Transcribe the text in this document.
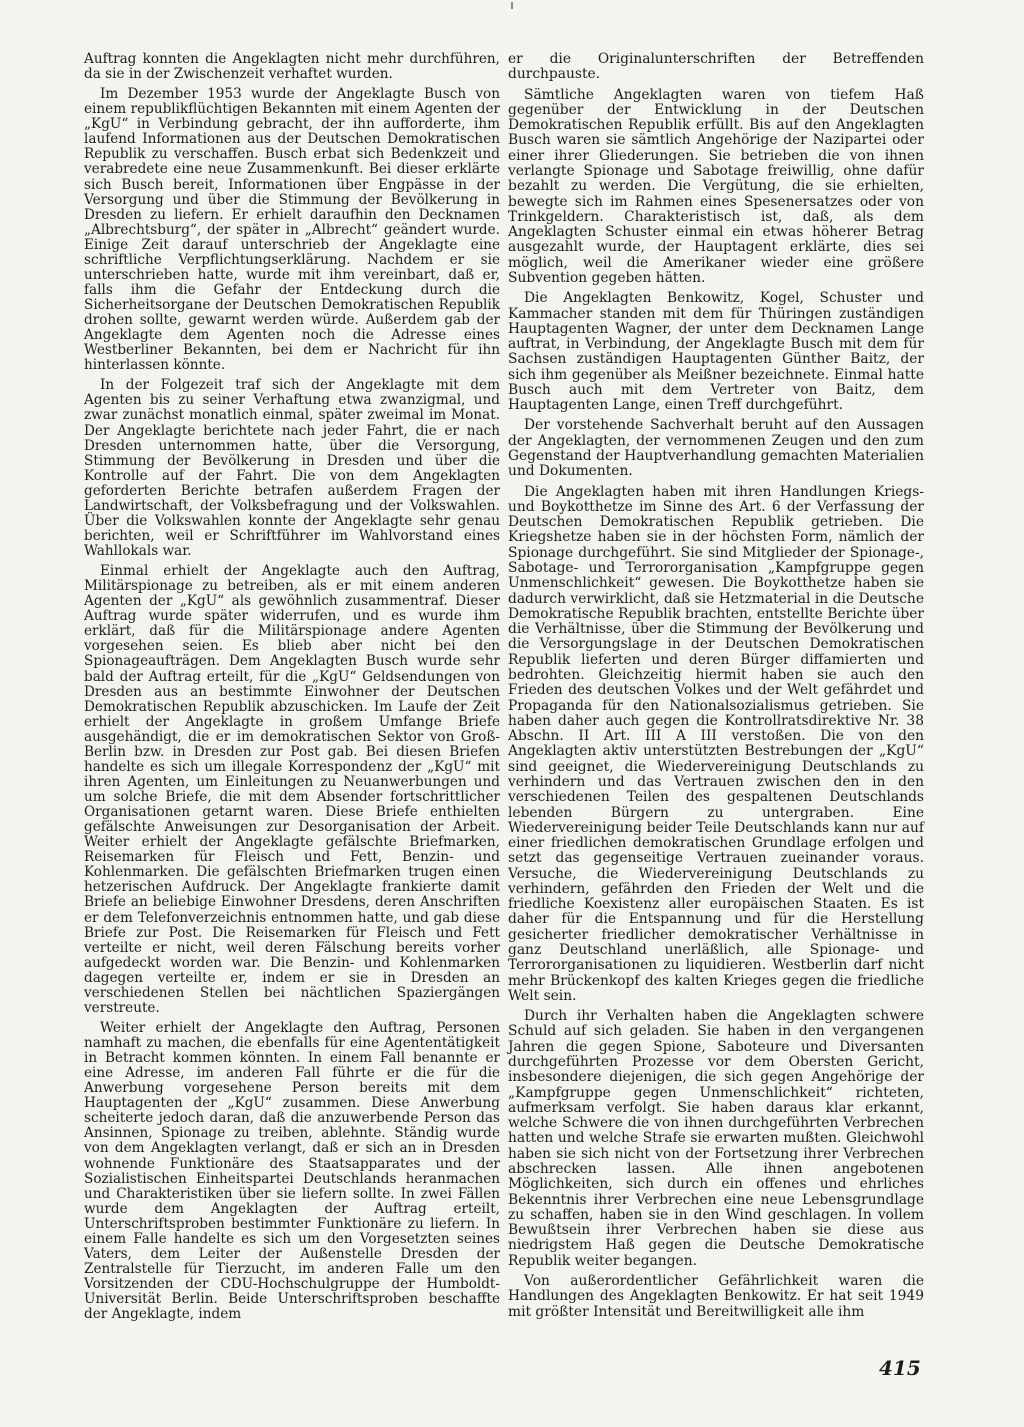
Auftrag konnten die Angeklagten nicht mehr durchführen, da sie in der Zwischenzeit verhaftet wurden.

Im Dezember 1953 wurde der Angeklagte Busch von einem republikflüchtigen Bekannten mit einem Agenten der „KgU“ in Verbindung gebracht, der ihn aufforderte, ihm laufend Informationen aus der Deutschen Demokratischen Republik zu verschaffen. Busch erbat sich Bedenkzeit und verabredete eine neue Zusammenkunft. Bei dieser erklärte sich Busch bereit, Informationen über Engpässe in der Versorgung und über die Stimmung der Bevölkerung in Dresden zu liefern. Er erhielt daraufhin den Decknamen „Albrechtsburg“, der später in „Albrecht“ geändert wurde. Einige Zeit darauf unterschrieb der Angeklagte eine schriftliche Verpflichtungserklärung. Nachdem er sie unterschrieben hatte, wurde mit ihm vereinbart, daß er, falls ihm die Gefahr der Entdeckung durch die Sicherheitsorgane der Deutschen Demokratischen Republik drohen sollte, gewarnt werden würde. Außerdem gab der Angeklagte dem Agenten noch die Adresse eines Westberliner Bekannten, bei dem er Nachricht für ihn hinterlassen könnte.

In der Folgezeit traf sich der Angeklagte mit dem Agenten bis zu seiner Verhaftung etwa zwanzigmal, und zwar zunächst monatlich einmal, später zweimal im Monat. Der Angeklagte berichtete nach jeder Fahrt, die er nach Dresden unternommen hatte, über die Versorgung, Stimmung der Bevölkerung in Dresden und über die Kontrolle auf der Fahrt. Die von dem Angeklagten geforderten Berichte betrafen außerdem Fragen der Landwirtschaft, der Volksbefragung und der Volkswahlen. Über die Volkswahlen konnte der Angeklagte sehr genau berichten, weil er Schriftführer im Wahlvorstand eines Wahllokals war.

Einmal erhielt der Angeklagte auch den Auftrag, Militärspionage zu betreiben, als er mit einem anderen Agenten der „KgU“ als gewöhnlich zusammentraf. Dieser Auftrag wurde später widerrufen, und es wurde ihm erklärt, daß für die Militärspionage andere Agenten vorgesehen seien. Es blieb aber nicht bei den Spionageaufträgen. Dem Angeklagten Busch wurde sehr bald der Auftrag erteilt, für die „KgU“ Geldsendungen von Dresden aus an bestimmte Einwohner der Deutschen Demokratischen Republik abzuschicken. Im Laufe der Zeit erhielt der Angeklagte in großem Umfange Briefe ausgehändigt, die er im demokratischen Sektor von Groß-Berlin bzw. in Dresden zur Post gab. Bei diesen Briefen handelte es sich um illegale Korrespondenz der „KgU“ mit ihren Agenten, um Einleitungen zu Neuanwerbungen und um solche Briefe, die mit dem Absender fortschrittlicher Organisationen getarnt waren. Diese Briefe enthielten gefälschte Anweisungen zur Desorganisation der Arbeit. Weiter erhielt der Angeklagte gefälschte Briefmarken, Reisemarken für Fleisch und Fett, Benzin- und Kohlenmarken. Die gefälschten Briefmarken trugen einen hetzerischen Aufdruck. Der Angeklagte frankierte damit Briefe an beliebige Einwohner Dresdens, deren Anschriften er dem Telefonverzeichnis entnommen hatte, und gab diese Briefe zur Post. Die Reisemarken für Fleisch und Fett verteilte er nicht, weil deren Fälschung bereits vorher aufgedeckt worden war. Die Benzin- und Kohlenmarken dagegen verteilte er, indem er sie in Dresden an verschiedenen Stellen bei nächtlichen Spaziergängen verstreute.

Weiter erhielt der Angeklagte den Auftrag, Personen namhaft zu machen, die ebenfalls für eine Agententätigkeit in Betracht kommen könnten. In einem Fall benannte er eine Adresse, im anderen Fall führte er die für die Anwerbung vorgesehene Person bereits mit dem Hauptagenten der „KgU“ zusammen. Diese Anwerbung scheiterte jedoch daran, daß die anzuwerbende Person das Ansinnen, Spionage zu treiben, ablehnte. Ständig wurde von dem Angeklagten verlangt, daß er sich an in Dresden wohnende Funktionäre des Staatsapparates und der Sozialistischen Einheitspartei Deutschlands heranmachen und Charakteristiken über sie liefern sollte. In zwei Fällen wurde dem Angeklagten der Auftrag erteilt, Unterschriftsproben bestimmter Funktionäre zu liefern. In einem Falle handelte es sich um den Vorgesetzten seines Vaters, dem Leiter der Außenstelle Dresden der Zentralstelle für Tierzucht, im anderen Falle um den Vorsitzenden der CDU-Hochschulgruppe der Humboldt-Universität Berlin. Beide Unterschriftsproben beschaffte der Angeklagte, indem

er die Originalunterschriften der Betreffenden durchpauste.

Sämtliche Angeklagten waren von tiefem Haß gegenüber der Entwicklung in der Deutschen Demokratischen Republik erfüllt. Bis auf den Angeklagten Busch waren sie sämtlich Angehörige der Nazipartei oder einer ihrer Gliederungen. Sie betrieben die von ihnen verlangte Spionage und Sabotage freiwillig, ohne dafür bezahlt zu werden. Die Vergütung, die sie erhielten, bewegte sich im Rahmen eines Spesenersatzes oder von Trinkgeldern. Charakteristisch ist, daß, als dem Angeklagten Schuster einmal ein etwas höherer Betrag ausgezahlt wurde, der Hauptagent erklärte, dies sei möglich, weil die Amerikaner wieder eine größere Subvention gegeben hätten.

Die Angeklagten Benkowitz, Kogel, Schuster und Kammacher standen mit dem für Thüringen zuständigen Hauptagenten Wagner, der unter dem Decknamen Lange auftrat, in Verbindung, der Angeklagte Busch mit dem für Sachsen zuständigen Hauptagenten Günther Baitz, der sich ihm gegenüber als Meißner bezeichnete. Einmal hatte Busch auch mit dem Vertreter von Baitz, dem Hauptagenten Lange, einen Treff durchgeführt.

Der vorstehende Sachverhalt beruht auf den Aussagen der Angeklagten, der vernommenen Zeugen und den zum Gegenstand der Hauptverhandlung gemachten Materialien und Dokumenten.

Die Angeklagten haben mit ihren Handlungen Kriegs- und Boykotthetze im Sinne des Art. 6 der Verfassung der Deutschen Demokratischen Republik getrieben. Die Kriegshetze haben sie in der höchsten Form, nämlich der Spionage durchgeführt. Sie sind Mitglieder der Spionage-, Sabotage- und Terrororganisation „Kampfgruppe gegen Unmenschlichkeit“ gewesen. Die Boykotthetze haben sie dadurch verwirklicht, daß sie Hetzmaterial in die Deutsche Demokratische Republik brachten, entstellte Berichte über die Verhältnisse, über die Stimmung der Bevölkerung und die Versorgungslage in der Deutschen Demokratischen Republik lieferten und deren Bürger diffamierten und bedrohten. Gleichzeitig hiermit haben sie auch den Frieden des deutschen Volkes und der Welt gefährdet und Propaganda für den Nationalsozialismus getrieben. Sie haben daher auch gegen die Kontrollratsdirektive Nr. 38 Abschn. II Art. III A III verstoßen. Die von den Angeklagten aktiv unterstützten Bestrebungen der „KgU“ sind geeignet, die Wiedervereinigung Deutschlands zu verhindern und das Vertrauen zwischen den in den verschiedenen Teilen des gespaltenen Deutschlands lebenden Bürgern zu untergraben. Eine Wiedervereinigung beider Teile Deutschlands kann nur auf einer friedlichen demokratischen Grundlage erfolgen und setzt das gegenseitige Vertrauen zueinander voraus. Versuche, die Wiedervereinigung Deutschlands zu verhindern, gefährden den Frieden der Welt und die friedliche Koexistenz aller europäischen Staaten. Es ist daher für die Entspannung und für die Herstellung gesicherter friedlicher demokratischer Verhältnisse in ganz Deutschland unerläßlich, alle Spionage- und Terrororganisationen zu liquidieren. Westberlin darf nicht mehr Brückenkopf des kalten Krieges gegen die friedliche Welt sein.

Durch ihr Verhalten haben die Angeklagten schwere Schuld auf sich geladen. Sie haben in den vergangenen Jahren die gegen Spione, Saboteure und Diversanten durchgeführten Prozesse vor dem Obersten Gericht, insbesondere diejenigen, die sich gegen Angehörige der „Kampfgruppe gegen Unmenschlichkeit“ richteten, aufmerksam verfolgt. Sie haben daraus klar erkannt, welche Schwere die von ihnen durchgeführten Verbrechen hatten und welche Strafe sie erwarten mußten. Gleichwohl haben sie sich nicht von der Fortsetzung ihrer Verbrechen abschrecken lassen. Alle ihnen angebotenen Möglichkeiten, sich durch ein offenes und ehrliches Bekenntnis ihrer Verbrechen eine neue Lebensgrundlage zu schaffen, haben sie in den Wind geschlagen. In vollem Bewußtsein ihrer Verbrechen haben sie diese aus niedrigstem Haß gegen die Deutsche Demokratische Republik weiter begangen.

Von außerordentlicher Gefährlichkeit waren die Handlungen des Angeklagten Benkowitz. Er hat seit 1949 mit größter Intensität und Bereitwilligkeit alle ihm

415
